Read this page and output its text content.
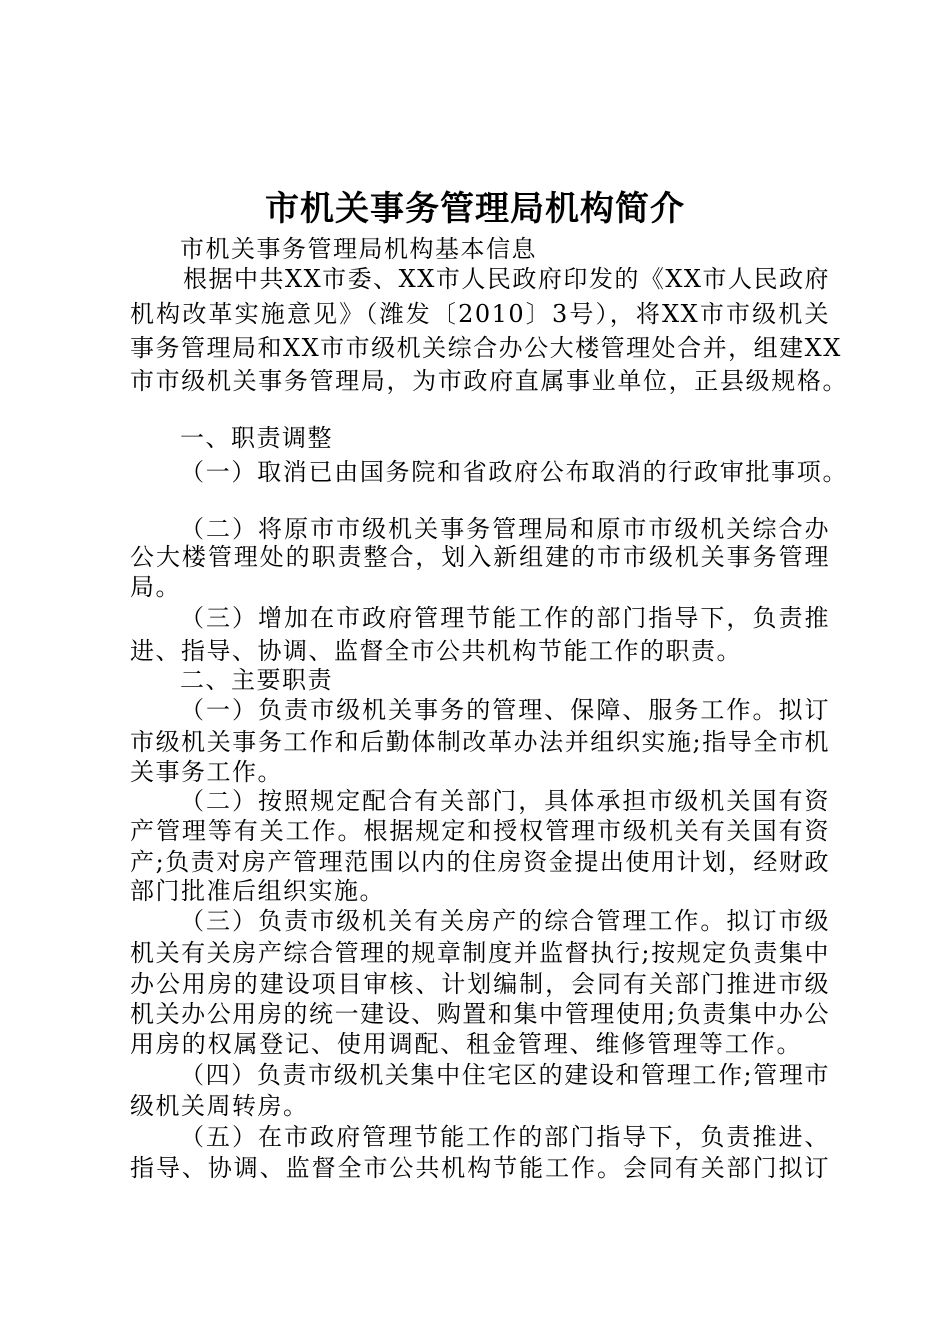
市机关事务管理局机构简介
市机关事务管理局机构基本信息
根据中共XX市委、XX市人民政府印发的《XX市人民政府
机构改革实施意见》（潍发〔2010〕3号），将XX市市级机关
事务管理局和XX市市级机关综合办公大楼管理处合并，组建XX
市市级机关事务管理局，为市政府直属事业单位，正县级规格。
一、职责调整
（一）取消已由国务院和省政府公布取消的行政审批事项。
（二）将原市市级机关事务管理局和原市市级机关综合办
公大楼管理处的职责整合，划入新组建的市市级机关事务管理
局。
（三）增加在市政府管理节能工作的部门指导下，负责推
进、指导、协调、监督全市公共机构节能工作的职责。
二、主要职责
（一）负责市级机关事务的管理、保障、服务工作。拟订
市级机关事务工作和后勤体制改革办法并组织实施;指导全市机
关事务工作。
（二）按照规定配合有关部门，具体承担市级机关国有资
产管理等有关工作。根据规定和授权管理市级机关有关国有资
产;负责对房产管理范围以内的住房资金提出使用计划，经财政
部门批准后组织实施。
（三）负责市级机关有关房产的综合管理工作。拟订市级
机关有关房产综合管理的规章制度并监督执行;按规定负责集中
办公用房的建设项目审核、计划编制，会同有关部门推进市级
机关办公用房的统一建设、购置和集中管理使用;负责集中办公
用房的权属登记、使用调配、租金管理、维修管理等工作。
（四）负责市级机关集中住宅区的建设和管理工作;管理市
级机关周转房。
（五）在市政府管理节能工作的部门指导下，负责推进、
指导、协调、监督全市公共机构节能工作。会同有关部门拟订
